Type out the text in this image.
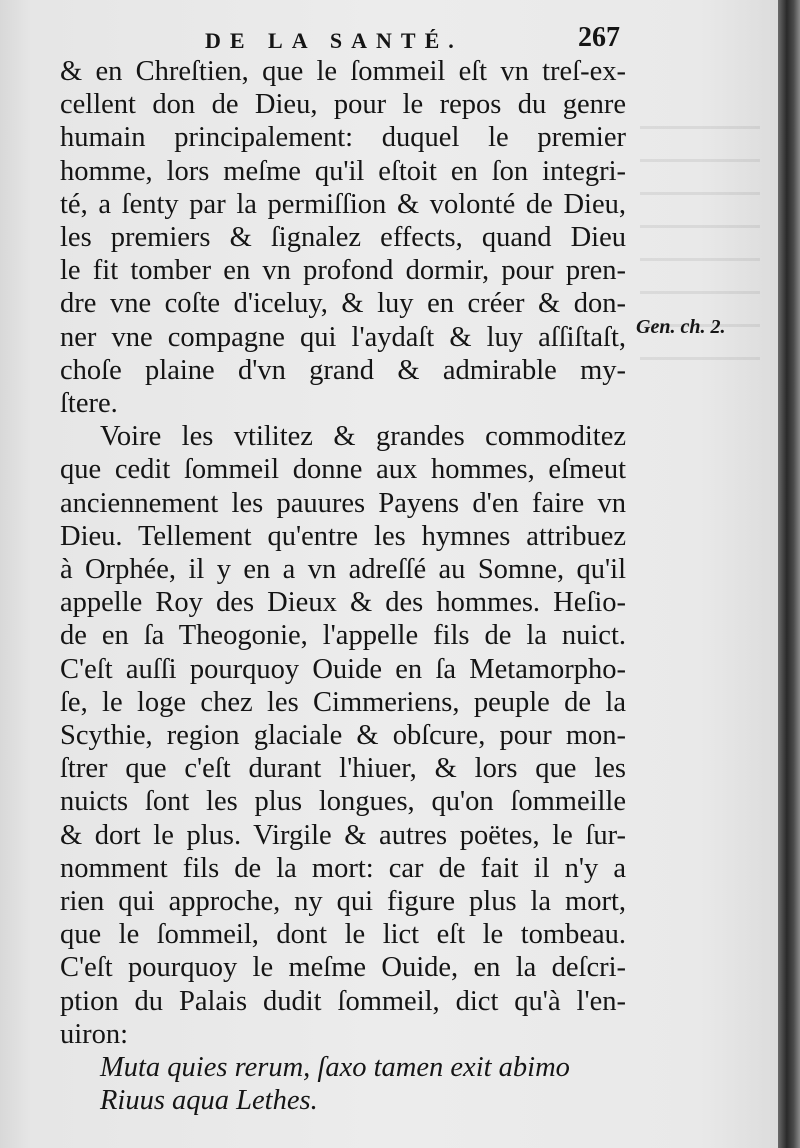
DE LA SANTÉ.	267
& en Chreſtien, que le ſommeil eſt vn treſ-ex-
cellent don de Dieu, pour le repos du genre
humain principalement: duquel le premier
homme, lors meſme qu'il eſtoit en ſon integri-
té, a ſenty par la permiſſion & volonté de Dieu,
les premiers & ſignalez effects, quand Dieu
le fit tomber en vn profond dormir, pour pren-
dre vne coſte d'iceluy, & luy en créer & don-
ner vne compagne qui l'aydaſt & luy aſſiſtaſt,
choſe plaine d'vn grand & admirable my-
ſtere.
Voire les vtilitez & grandes commoditez
que cedit ſommeil donne aux hommes, eſmeut
anciennement les pauures Payens d'en faire vn
Dieu. Tellement qu'entre les hymnes attribuez
à Orphée, il y en a vn adreſſé au Somne, qu'il
appelle Roy des Dieux & des hommes. Heſio-
de en ſa Theogonie, l'appelle fils de la nuict.
C'eſt auſſi pourquoy Ouide en ſa Metamorpho-
ſe, le loge chez les Cimmeriens, peuple de la
Scythie, region glaciale & obſcure, pour mon-
ſtrer que c'eſt durant l'hiuer, & lors que les
nuicts ſont les plus longues, qu'on ſommeille
& dort le plus. Virgile & autres poëtes, le ſur-
nomment fils de la mort: car de fait il n'y a
rien qui approche, ny qui figure plus la mort,
que le ſommeil, dont le lict eſt le tombeau.
C'eſt pourquoy le meſme Ouide, en la deſcri-
ption du Palais dudit ſommeil, dict qu'à l'en-
uiron:
Muta quies rerum, ſaxo tamen exit abimo
Riuus aqua Lethes.
Gen. ch. 2.
